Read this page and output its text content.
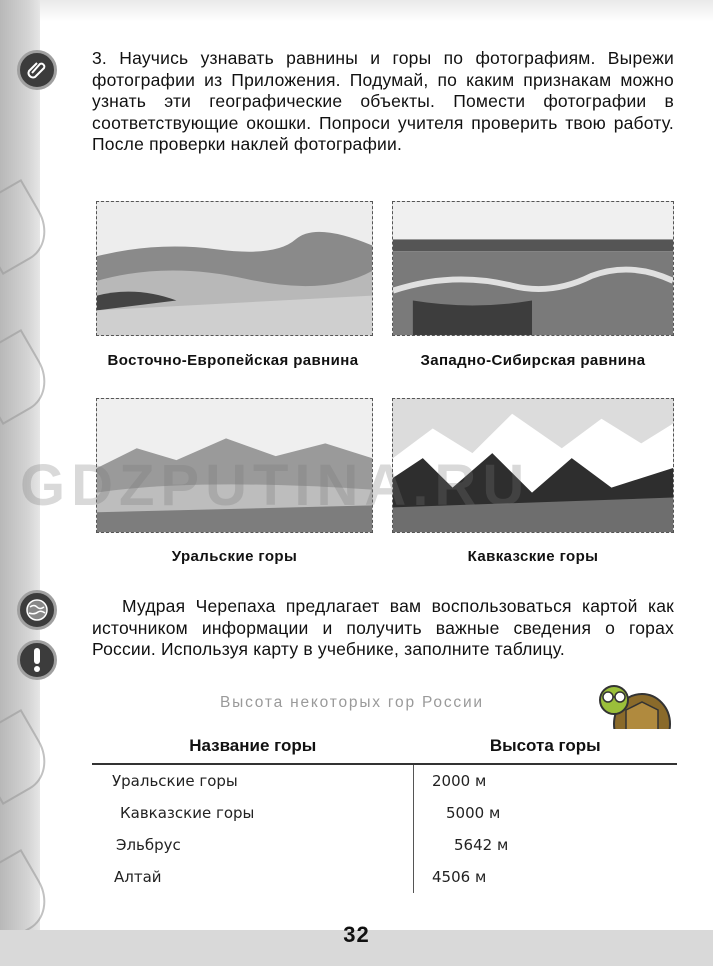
3. Научись узнавать равнины и горы по фотографиям. Вырежи фотографии из Приложения. Подумай, по каким признакам можно узнать эти географические объекты. Помести фотографии в соответствующие окошки. Попроси учителя проверить твою работу. После проверки наклей фотографии.
Восточно-Европейская равнина	Западно-Сибирская равнина
Уральские горы	Кавказские горы
GDZPUTINA.RU
Мудрая Черепаха предлагает вам воспользоваться картой как источником информации и получить важные сведения о горах России. Используя карту в учебнике, заполните таблицу.
Высота некоторых гор России
Название горы	Высота горы
Уральские горы	2000 м
Кавказские горы	5000 м
Эльбрус	5642 м
Алтай	4506 м
32
